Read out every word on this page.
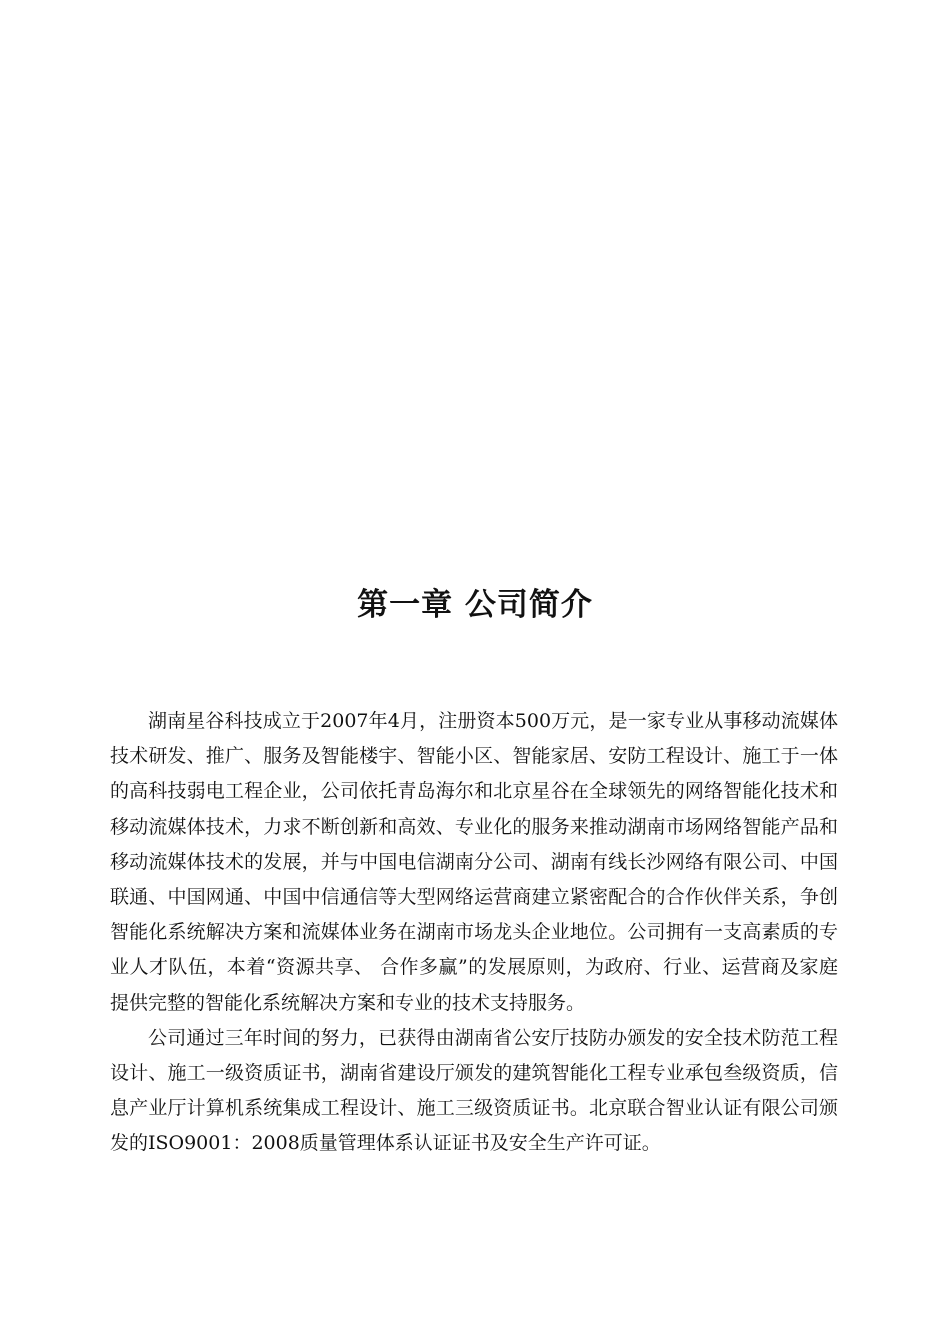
第一章 公司简介

湖南星谷科技成立于2007年4月，注册资本500万元，是一家专业从事移动流媒体技术研发、推广、服务及智能楼宇、智能小区、智能家居、安防工程设计、施工于一体的高科技弱电工程企业，公司依托青岛海尔和北京星谷在全球领先的网络智能化技术和移动流媒体技术，力求不断创新和高效、专业化的服务来推动湖南市场网络智能产品和移动流媒体技术的发展，并与中国电信湖南分公司、湖南有线长沙网络有限公司、中国联通、中国网通、中国中信通信等大型网络运营商建立紧密配合的合作伙伴关系，争创智能化系统解决方案和流媒体业务在湖南市场龙头企业地位。公司拥有一支高素质的专业人才队伍，本着“资源共享、 合作多赢”的发展原则，为政府、行业、运营商及家庭提供完整的智能化系统解决方案和专业的技术支持服务。

公司通过三年时间的努力，已获得由湖南省公安厅技防办颁发的安全技术防范工程设计、施工一级资质证书，湖南省建设厅颁发的建筑智能化工程专业承包叁级资质，信息产业厅计算机系统集成工程设计、施工三级资质证书。北京联合智业认证有限公司颁发的ISO9001：2008质量管理体系认证证书及安全生产许可证。
